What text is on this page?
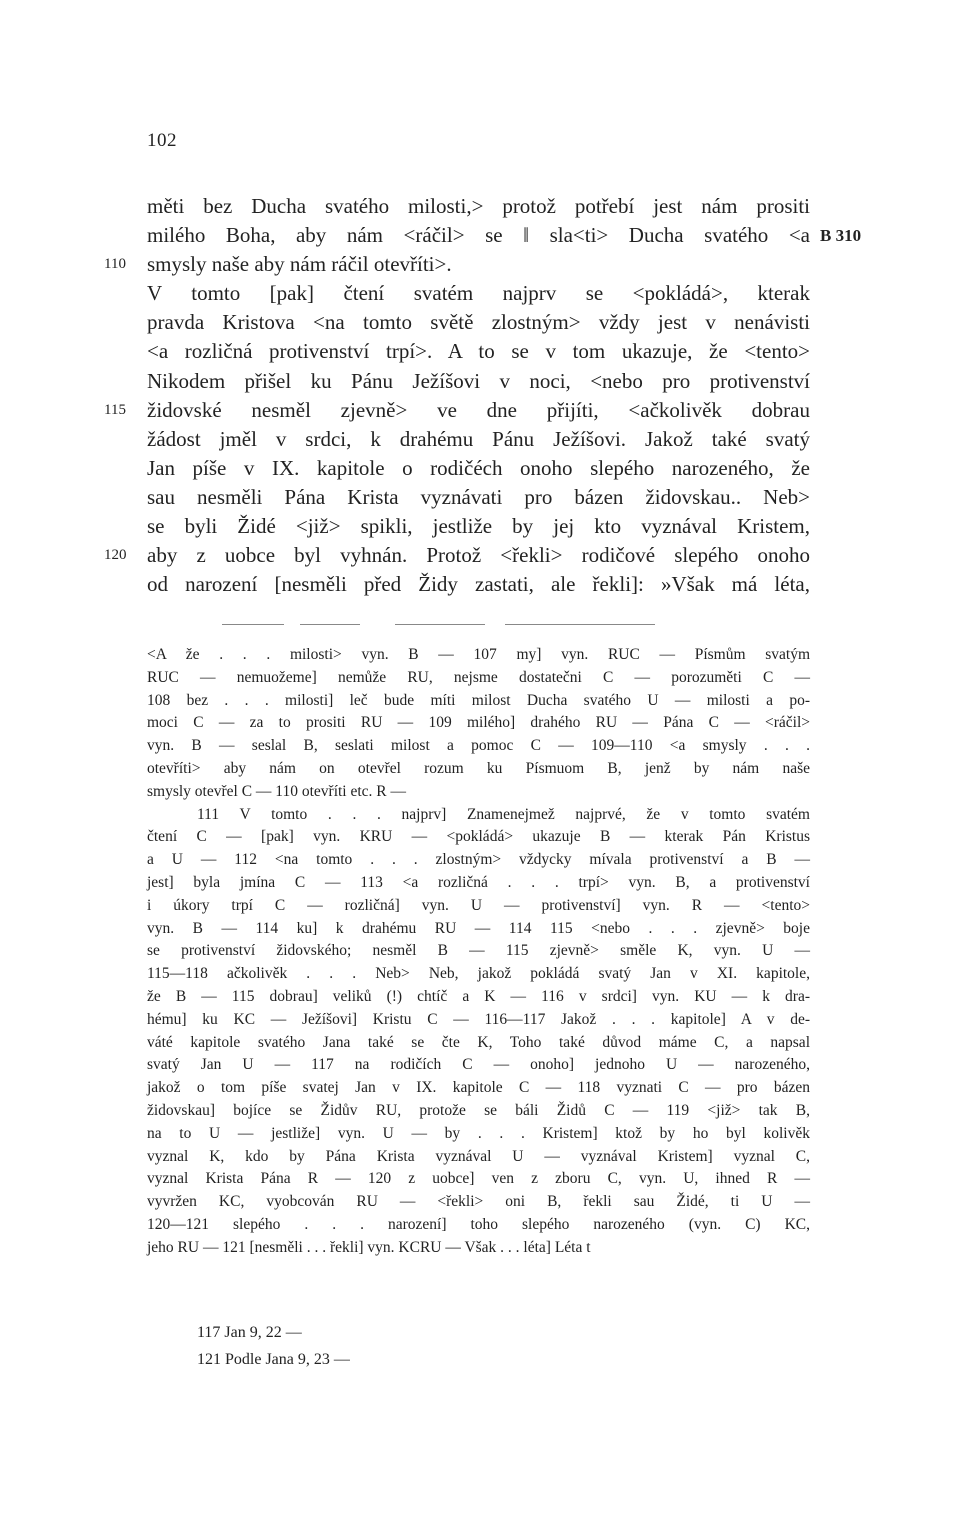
102
měti bez Ducha svatého milosti,> protož potřebí jest nám prositi
milého Boha, aby nám <ráčil> se ‖ sla<ti> Ducha svatého <a B 310
110 smysly naše aby nám ráčil otevříti>.
V tomto [pak] čtení svatém najprv se <pokládá>, kterak
pravda Kristova <na tomto světě zlostným> vždy jest v nenávisti
<a rozličná protivenství trpí>. A to se v tom ukazuje, že <tento>
Nikodem přišel ku Pánu Ježíšovi v noci, <nebo pro protivenství
115 židovské nesměl zjevně> ve dne přijíti, <ačkolivěk dobrau
žádost jměl v srdci, k drahému Pánu Ježíšovi. Jakož také svatý
Jan píše v IX. kapitole o rodičéch onoho slepého narozeného, že
sau nesměli Pána Krista vyznávati pro bázen židovskau.. Neb>
se byli Židé <již> spikli, jestliže by jej kto vyznával Kristem,
120 aby z uobce byl vyhnán. Protož <řekli> rodičové slepého onoho
od narození [nesměli před Židy zastati, ale řekli]: »Však má léta,
<A že . . . milosti> vyn. B — 107 my] vyn. RUC — Písmům svatým
RUC — nemuožeme] nemůže RU, nejsme dostatečni C — porozuměti C —
108 bez . . . milosti] leč bude míti milost Ducha svatého U — milosti a po-
moci C — za to prositi RU — 109 milého] drahého RU — Pána C — <ráčil>
vyn. B — seslal B, seslati milost a pomoc C — 109—110 <a smysly . . .
otevříti> aby nám on otevřel rozum ku Písmuom B, jenž by nám naše
smysly otevřel C — 110 otevříti etc. R —
111 V tomto . . . najprv] Znamenejmež najprvé, že v tomto svatém
čtení C — [pak] vyn. KRU — <pokládá> ukazuje B — kterak Pán Kristus
a U — 112 <na tomto . . . zlostným> vždycky mívala protivenství a B —
jest] byla jmína C — 113 <a rozličná . . . trpí> vyn. B, a protivenství
i úkory trpí C — rozličná] vyn. U — protivenství] vyn. R — <tento>
vyn. B — 114 ku] k drahému RU — 114 115 <nebo . . . zjevně> boje
se protivenství židovského; nesměl B — 115 zjevně> směle K, vyn. U —
115—118 ačkolivěk . . . Neb> Neb, jakož pokládá svatý Jan v XI. kapitole,
že B — 115 dobrau] veliků (!) chtíč a K — 116 v srdci] vyn. KU — k dra-
hému] ku KC — Ježíšovi] Kristu C — 116—117 Jakož . . . kapitole] A v de-
váté kapitole svatého Jana také se čte K, Toho také důvod máme C, a napsal
svatý Jan U — 117 na rodičích C — onoho] jednoho U — narozeného,
jakož o tom píše svatej Jan v IX. kapitole C — 118 vyznati C — pro bázen
židovskau] bojíce se Židův RU, protože se báli Židů C — 119 <již> tak B,
na to U — jestliže] vyn. U — by . . . Kristem] ktož by ho byl kolivěk
vyznal K, kdo by Pána Krista vyznával U — vyznával Kristem] vyznal C,
vyznal Krista Pána R — 120 z uobce] ven z zboru C, vyn. U, ihned R —
vyvržen KC, vyobcován RU — <řekli> oni B, řekli sau Židé, ti U —
120—121 slepého . . . narození] toho slepého narozeného (vyn. C) KC,
jeho RU — 121 [nesměli . . . řekli] vyn. KCRU — Však . . . léta] Léta t
117 Jan 9, 22 —
121 Podle Jana 9, 23 —
